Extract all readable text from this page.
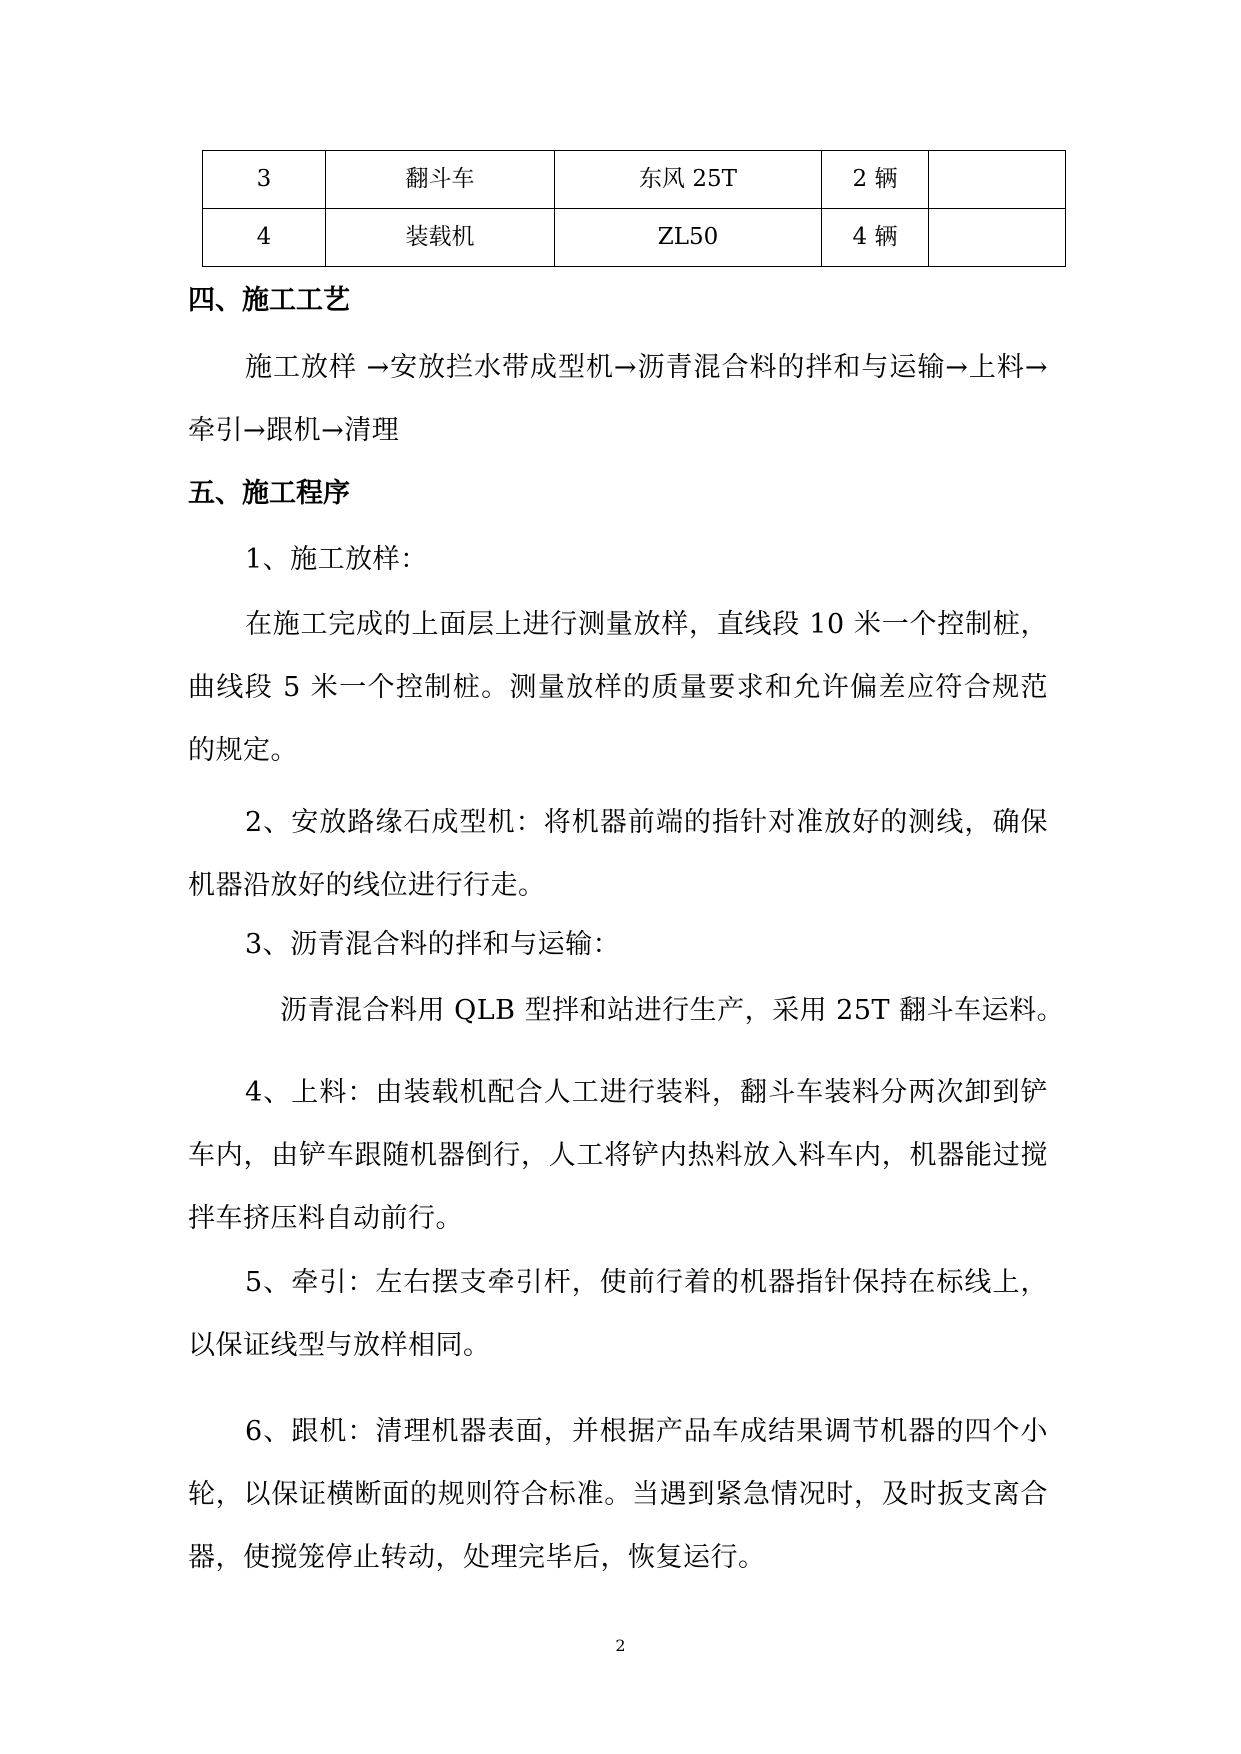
3	翻斗车	东风 25T	2 辆	
4	装载机	ZL50	4 辆	
四、施工工艺
施工放样 →安放拦水带成型机→沥青混合料的拌和与运输→上料→牵引→跟机→清理
五、施工程序
1、施工放样：
在施工完成的上面层上进行测量放样，直线段 10 米一个控制桩，曲线段 5 米一个控制桩。测量放样的质量要求和允许偏差应符合规范的规定。
2、安放路缘石成型机：将机器前端的指针对准放好的测线，确保机器沿放好的线位进行行走。
3、沥青混合料的拌和与运输：
沥青混合料用 QLB 型拌和站进行生产，采用 25T 翻斗车运料。
4、上料：由装载机配合人工进行装料，翻斗车装料分两次卸到铲车内，由铲车跟随机器倒行，人工将铲内热料放入料车内，机器能过搅拌车挤压料自动前行。
5、牵引：左右摆支牵引杆，使前行着的机器指针保持在标线上，以保证线型与放样相同。
6、跟机：清理机器表面，并根据产品车成结果调节机器的四个小轮，以保证横断面的规则符合标准。当遇到紧急情况时，及时扳支离合器，使搅笼停止转动，处理完毕后，恢复运行。
2
